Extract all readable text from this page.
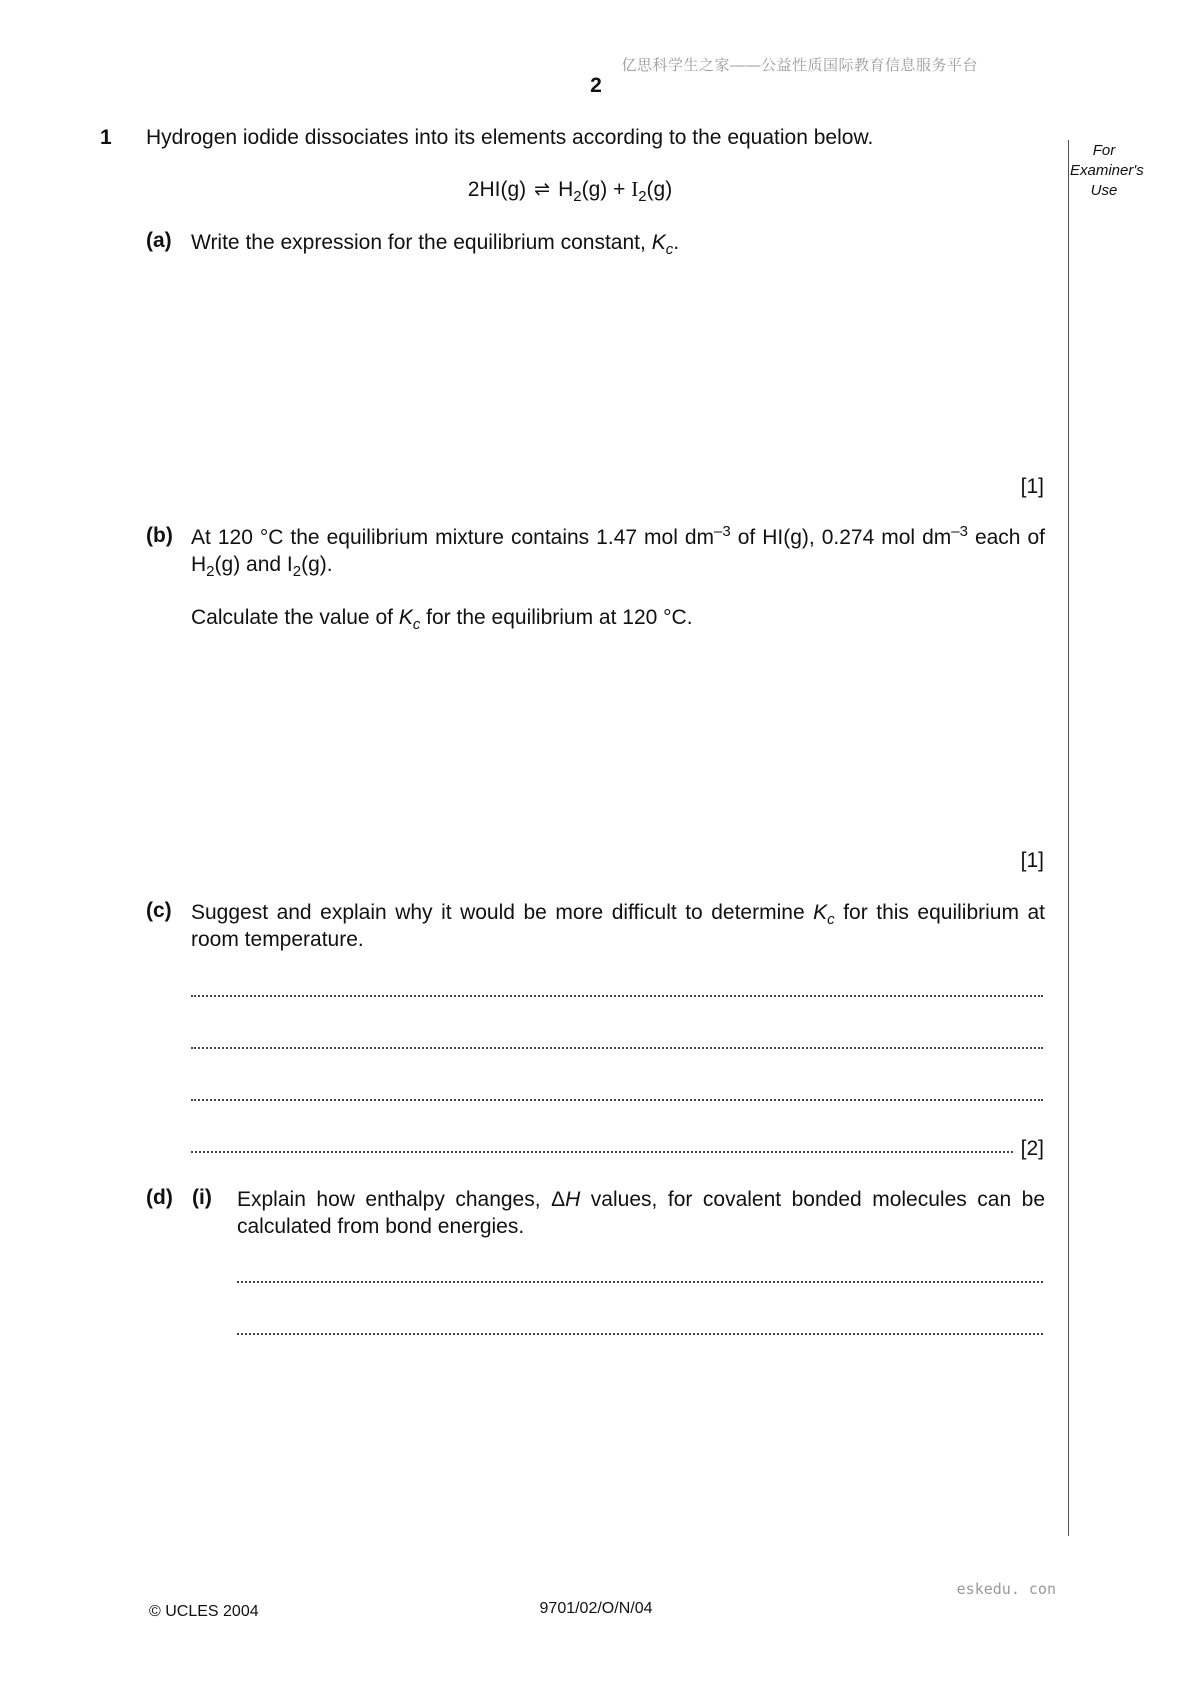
亿思科学生之家——公益性质国际教育信息服务平台
2
For
Examiner's
Use
1 Hydrogen iodide dissociates into its elements according to the equation below.
2HI(g) ⇌ $H_2(g) + I_2(g)$
(a) Write the expression for the equilibrium constant, $K_c$.
[1]
(b) At 120 °C the equilibrium mixture contains 1.47 mol $dm^{-3}$ of HI(g), 0.274 mol $dm^{-3}$ each of $H_2(g)$ and $I_2(g)$.
Calculate the value of $K_c$ for the equilibrium at 120 °C.
[1]
(c) Suggest and explain why it would be more difficult to determine $K_c$ for this equilibrium at room temperature.
[2]
(d) (i) Explain how enthalpy changes, ΔH values, for covalent bonded molecules can be calculated from bond energies.
eskedu. con
© UCLES 2004	9701/02/O/N/04
